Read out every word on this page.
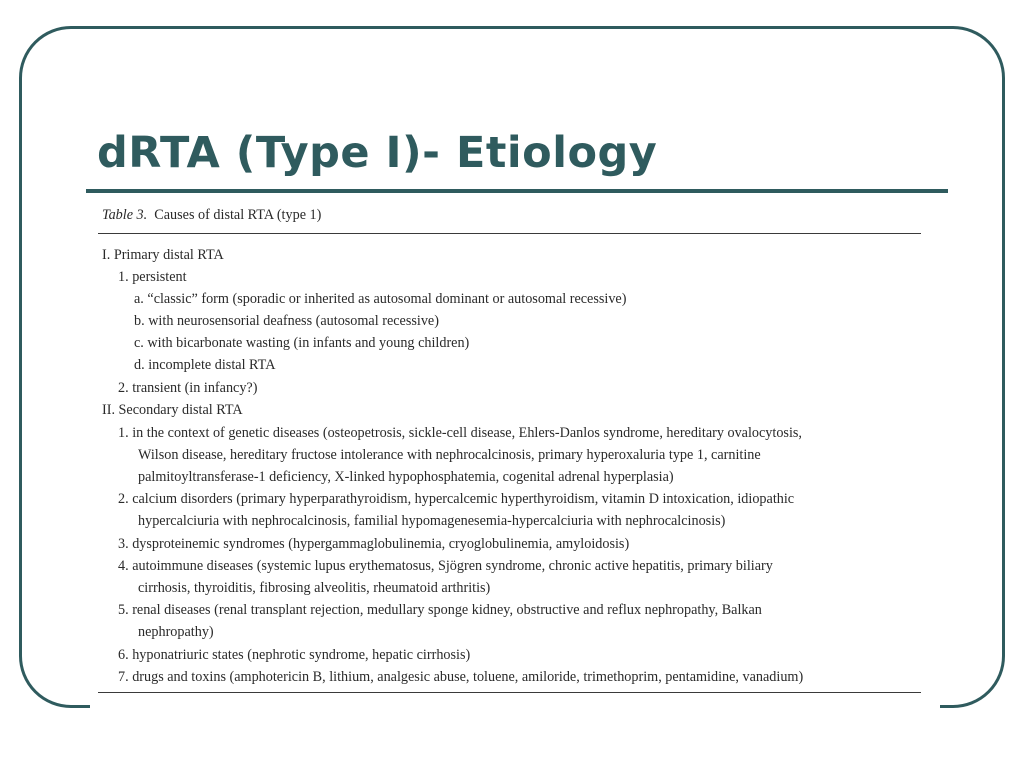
dRTA (Type I)- Etiology
Table 3. Causes of distal RTA (type 1)
I. Primary distal RTA
1. persistent
a. “classic” form (sporadic or inherited as autosomal dominant or autosomal recessive)
b. with neurosensorial deafness (autosomal recessive)
c. with bicarbonate wasting (in infants and young children)
d. incomplete distal RTA
2. transient (in infancy?)
II. Secondary distal RTA
1. in the context of genetic diseases (osteopetrosis, sickle-cell disease, Ehlers-Danlos syndrome, hereditary ovalocytosis,
Wilson disease, hereditary fructose intolerance with nephrocalcinosis, primary hyperoxaluria type 1, carnitine
palmitoyltransferase-1 deficiency, X-linked hypophosphatemia, cogenital adrenal hyperplasia)
2. calcium disorders (primary hyperparathyroidism, hypercalcemic hyperthyroidism, vitamin D intoxication, idiopathic
hypercalciuria with nephrocalcinosis, familial hypomagenesemia-hypercalciuria with nephrocalcinosis)
3. dysproteinemic syndromes (hypergammaglobulinemia, cryoglobulinemia, amyloidosis)
4. autoimmune diseases (systemic lupus erythematosus, Sjögren syndrome, chronic active hepatitis, primary biliary
cirrhosis, thyroiditis, fibrosing alveolitis, rheumatoid arthritis)
5. renal diseases (renal transplant rejection, medullary sponge kidney, obstructive and reflux nephropathy, Balkan
nephropathy)
6. hyponatriuric states (nephrotic syndrome, hepatic cirrhosis)
7. drugs and toxins (amphotericin B, lithium, analgesic abuse, toluene, amiloride, trimethoprim, pentamidine, vanadium)
